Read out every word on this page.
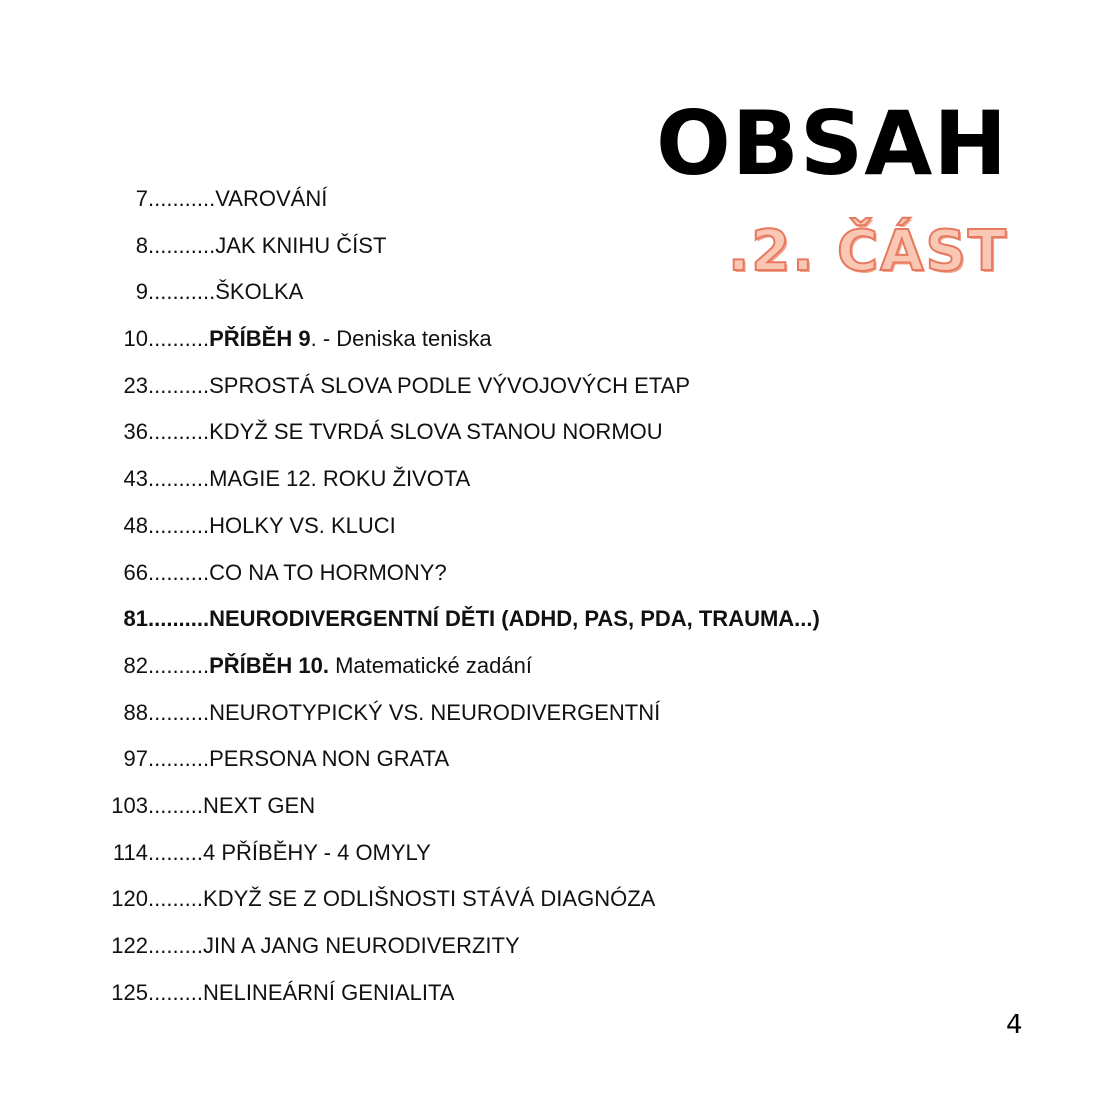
OBSAH
.2. ČÁST
7 ........... VAROVÁNÍ
8 ........... JAK KNIHU ČÍST
9 ........... ŠKOLKA
10 .......... PŘÍBĚH 9. - Deniska teniska
23 .......... SPROSTÁ SLOVA PODLE VÝVOJOVÝCH ETAP
36 .......... KDYŽ SE TVRDÁ SLOVA STANOU NORMOU
43 .......... MAGIE 12. ROKU ŽIVOTA
48 .......... HOLKY VS. KLUCI
66 .......... CO NA TO HORMONY?
81 .......... NEURODIVERGENTNÍ DĚTI (ADHD, PAS, PDA, TRAUMA...)
82 .......... PŘÍBĚH 10. Matematické zadání
88 .......... NEUROTYPICKÝ VS. NEURODIVERGENTNÍ
97 .......... PERSONA NON GRATA
103 ......... NEXT GEN
114 ......... 4 PŘÍBĚHY - 4 OMYLY
120 ......... KDYŽ SE Z ODLIŠNOSTI STÁVÁ DIAGNÓZA
122 ......... JIN A JANG NEURODIVERZITY
125 ......... NELINEÁRNÍ GENIALITA
4
